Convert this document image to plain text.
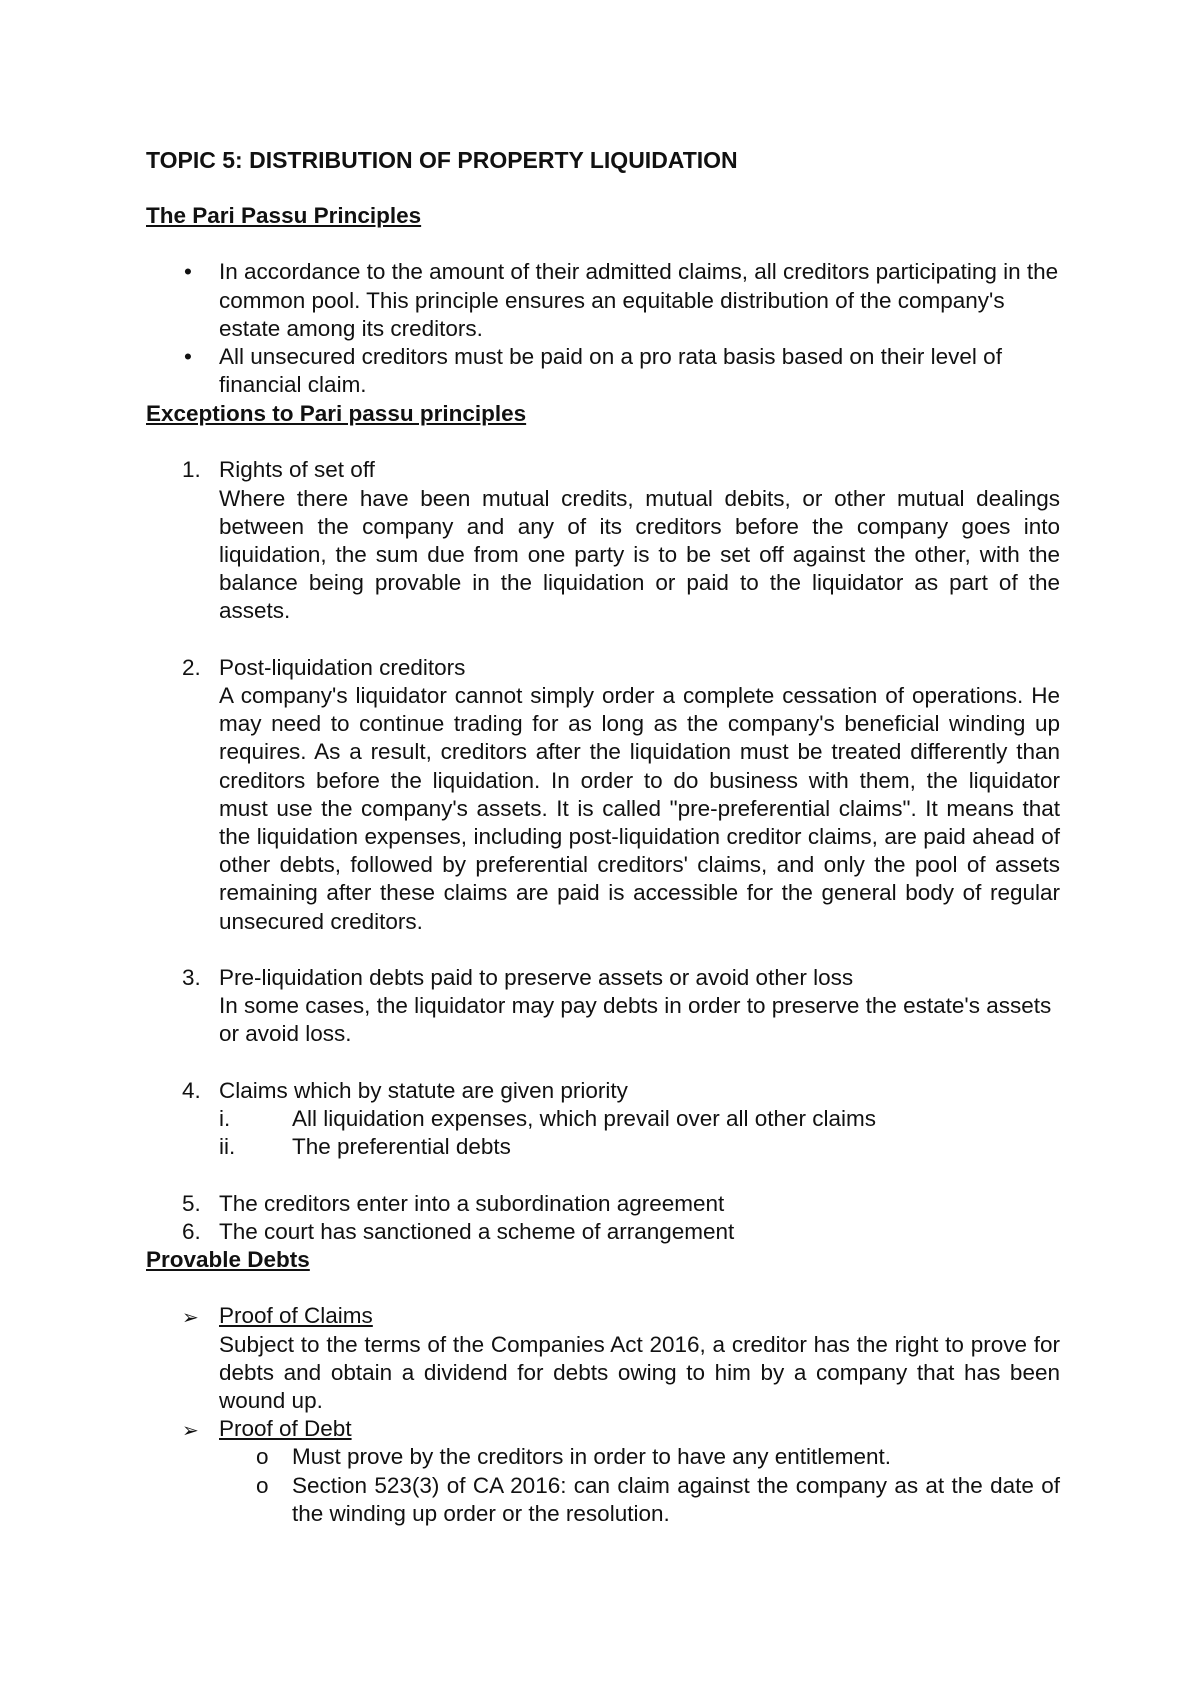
TOPIC 5: DISTRIBUTION OF PROPERTY LIQUIDATION

The Pari Passu Principles

• In accordance to the amount of their admitted claims, all creditors participating in the common pool. This principle ensures an equitable distribution of the company's estate among its creditors.

• All unsecured creditors must be paid on a pro rata basis based on their level of financial claim.

Exceptions to Pari passu principles

1. Rights of set off

Where there have been mutual credits, mutual debits, or other mutual dealings between the company and any of its creditors before the company goes into liquidation, the sum due from one party is to be set off against the other, with the balance being provable in the liquidation or paid to the liquidator as part of the assets.

2. Post-liquidation creditors

A company's liquidator cannot simply order a complete cessation of operations. He may need to continue trading for as long as the company's beneficial winding up requires. As a result, creditors after the liquidation must be treated differently than creditors before the liquidation. In order to do business with them, the liquidator must use the company's assets. It is called "pre-preferential claims". It means that the liquidation expenses, including post-liquidation creditor claims, are paid ahead of other debts, followed by preferential creditors' claims, and only the pool of assets remaining after these claims are paid is accessible for the general body of regular unsecured creditors.

3. Pre-liquidation debts paid to preserve assets or avoid other loss

In some cases, the liquidator may pay debts in order to preserve the estate's assets or avoid loss.

4. Claims which by statute are given priority

i.	All liquidation expenses, which prevail over all other claims

ii.	The preferential debts

5. The creditors enter into a subordination agreement

6. The court has sanctioned a scheme of arrangement

Provable Debts

➢ Proof of Claims

Subject to the terms of the Companies Act 2016, a creditor has the right to prove for debts and obtain a dividend for debts owing to him by a company that has been wound up.

➢ Proof of Debt

o Must prove by the creditors in order to have any entitlement.

o Section 523(3) of CA 2016: can claim against the company as at the date of the winding up order or the resolution.
